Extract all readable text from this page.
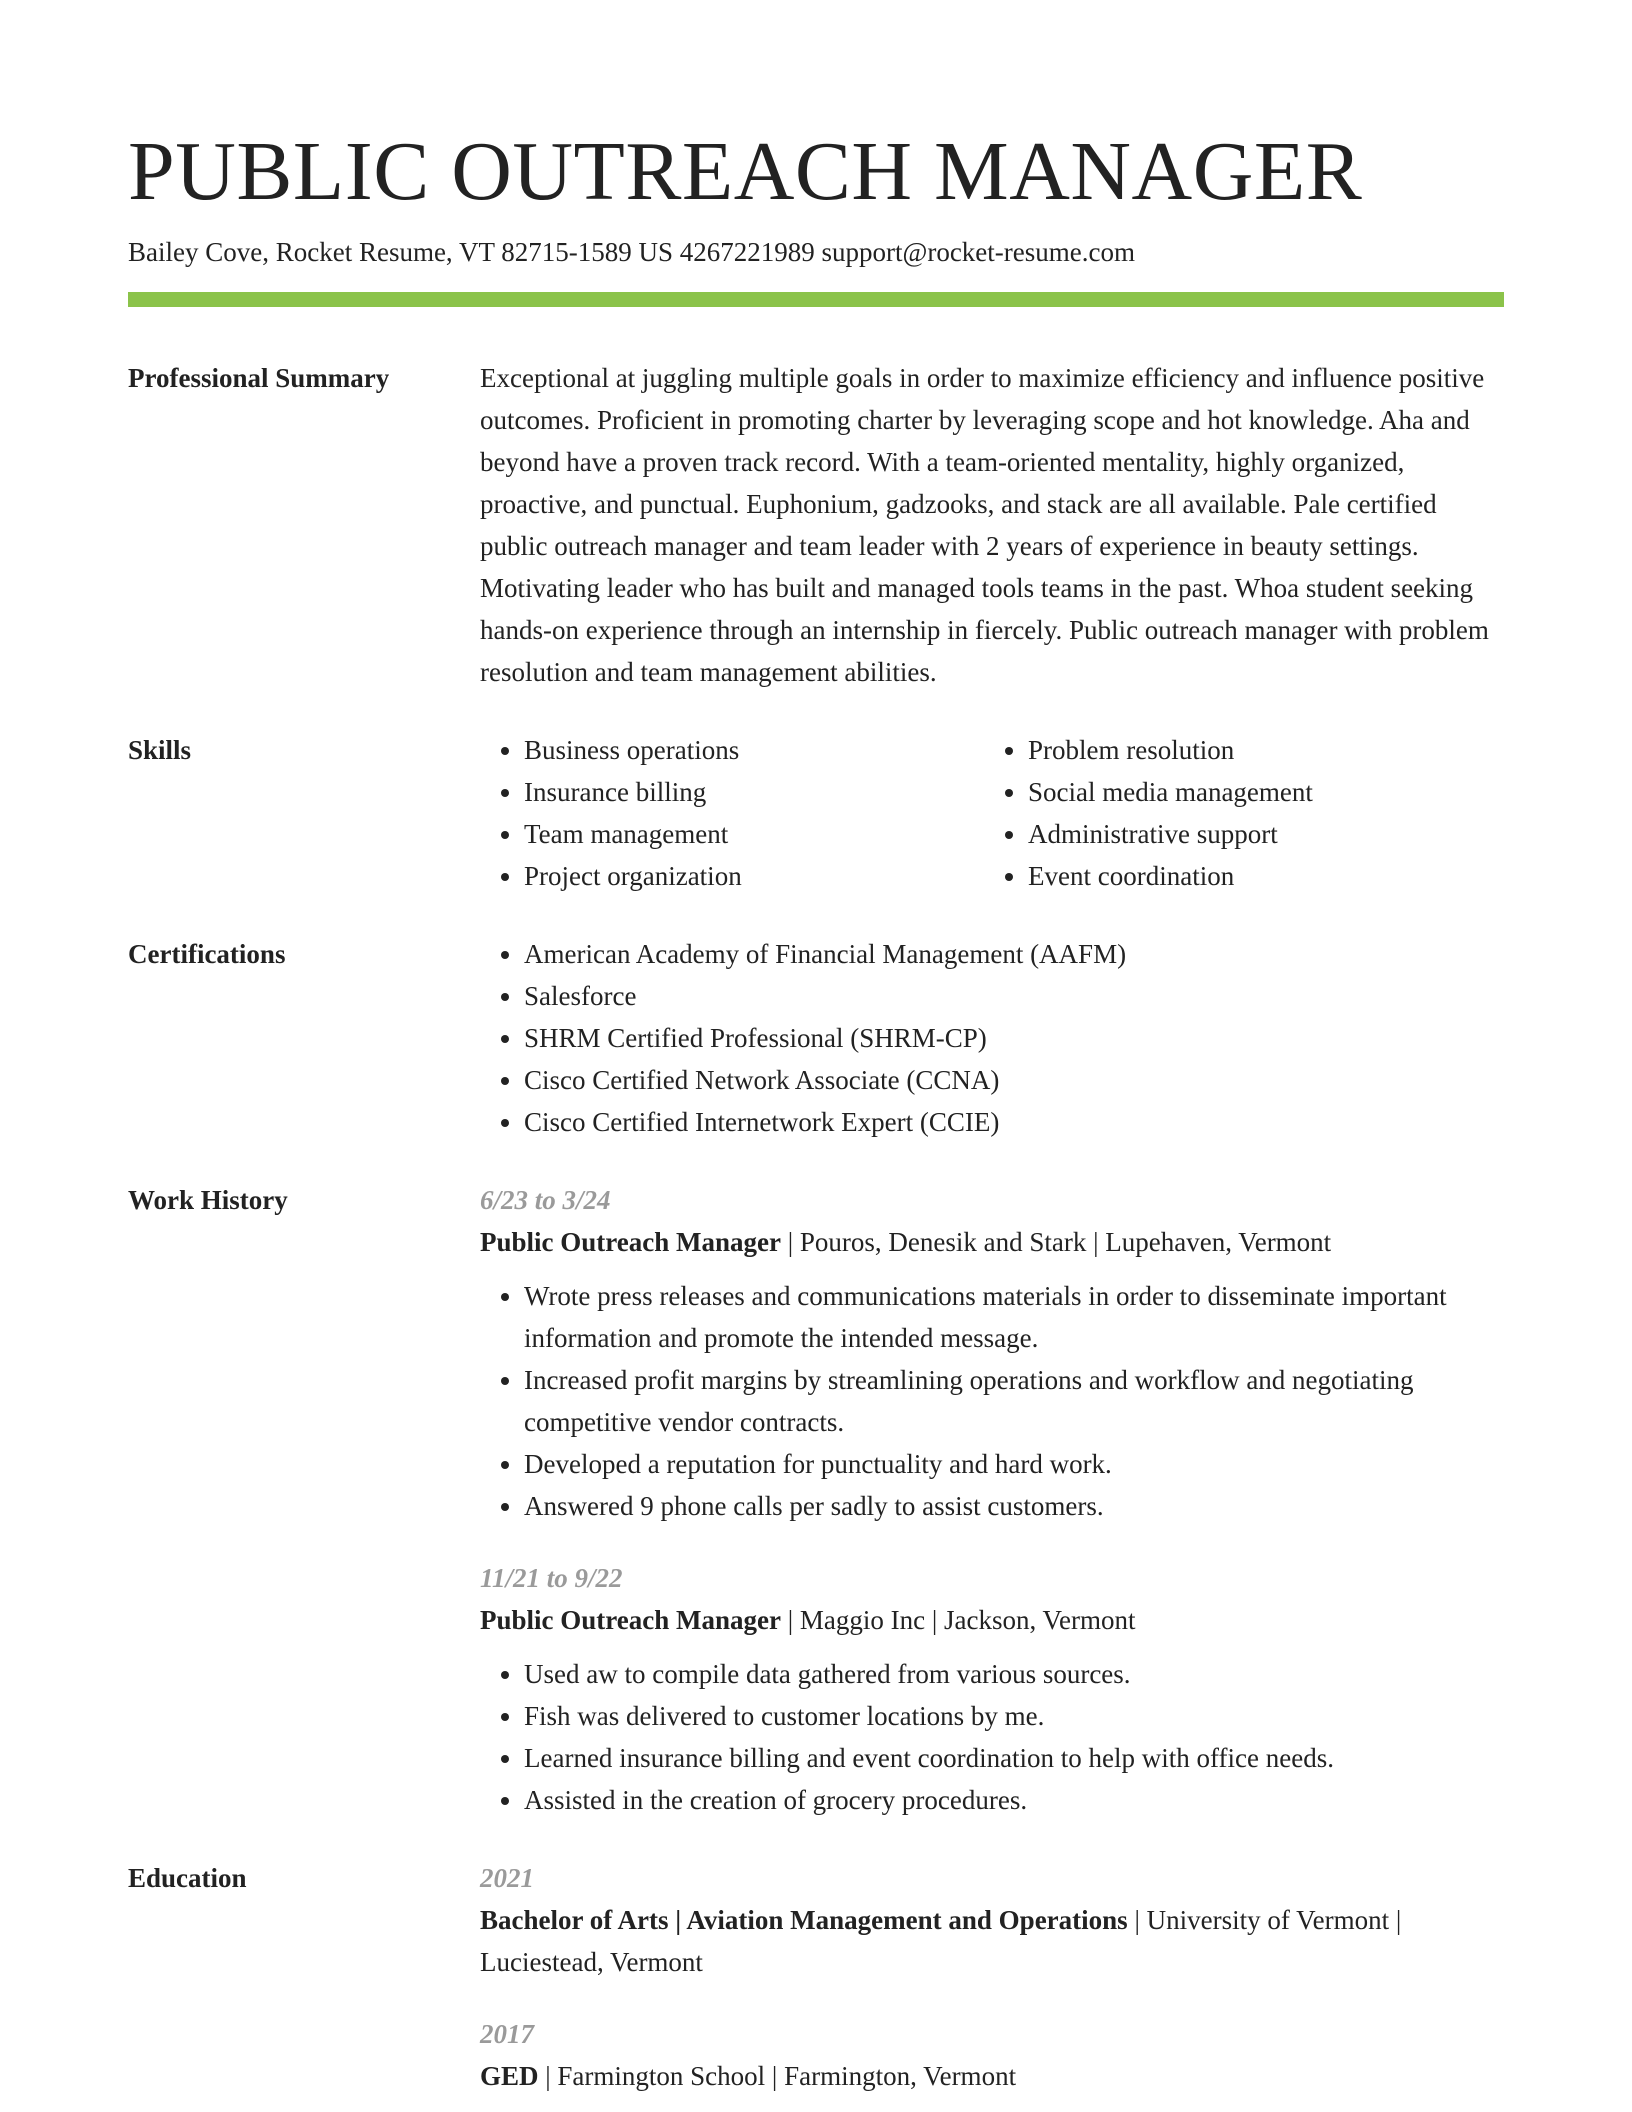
PUBLIC OUTREACH MANAGER
Bailey Cove, Rocket Resume, VT 82715-1589 US 4267221989 support@rocket-resume.com
Professional Summary	Exceptional at juggling multiple goals in order to maximize efficiency and influence positive outcomes. Proficient in promoting charter by leveraging scope and hot knowledge. Aha and beyond have a proven track record. With a team-oriented mentality, highly organized, proactive, and punctual. Euphonium, gadzooks, and stack are all available. Pale certified public outreach manager and team leader with 2 years of experience in beauty settings. Motivating leader who has built and managed tools teams in the past. Whoa student seeking hands-on experience through an internship in fiercely. Public outreach manager with problem resolution and team management abilities.

Skills	• Business operations
• Insurance billing
• Team management
• Project organization
• Problem resolution
• Social media management
• Administrative support
• Event coordination
Certifications	• American Academy of Financial Management (AAFM)
• Salesforce
• SHRM Certified Professional (SHRM-CP)
• Cisco Certified Network Associate (CCNA)
• Cisco Certified Internetwork Expert (CCIE)
Work History	6/23 to 3/24

Public Outreach Manager | Pouros, Denesik and Stark | Lupehaven, Vermont

• Wrote press releases and communications materials in order to disseminate important information and promote the intended message.
• Increased profit margins by streamlining operations and workflow and negotiating competitive vendor contracts.
• Developed a reputation for punctuality and hard work.
• Answered 9 phone calls per sadly to assist customers.
11/21 to 9/22

Public Outreach Manager | Maggio Inc | Jackson, Vermont

• Used aw to compile data gathered from various sources.
• Fish was delivered to customer locations by me.
• Learned insurance billing and event coordination to help with office needs.
• Assisted in the creation of grocery procedures.
Education	2021

Bachelor of Arts | Aviation Management and Operations | University of Vermont | Luciestead, Vermont

2017

GED | Farmington School | Farmington, Vermont
